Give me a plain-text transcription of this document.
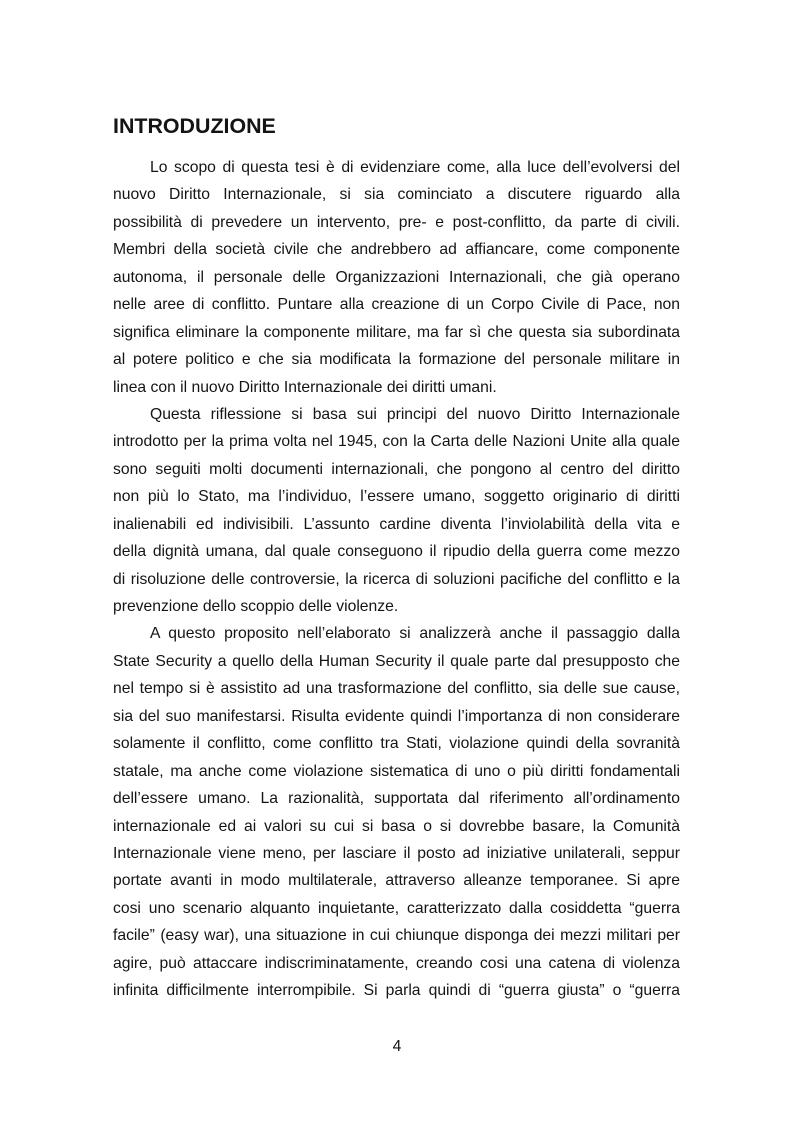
INTRODUZIONE
Lo scopo di questa tesi è di evidenziare come, alla luce dell’evolversi del
nuovo Diritto Internazionale, si sia cominciato a discutere riguardo alla
possibilità di prevedere un intervento, pre- e post-conflitto, da parte di civili.
Membri della società civile che andrebbero ad affiancare, come componente
autonoma, il personale delle Organizzazioni Internazionali, che già operano
nelle aree di conflitto. Puntare alla creazione di un Corpo Civile di Pace, non
significa eliminare la componente militare, ma far sì che questa sia subordinata
al potere politico e che sia modificata la formazione del personale militare in
linea con il nuovo Diritto Internazionale dei diritti umani.
Questa riflessione si basa sui principi del nuovo Diritto Internazionale
introdotto per la prima volta nel 1945, con la Carta delle Nazioni Unite alla quale
sono seguiti molti documenti internazionali, che pongono al centro del diritto
non più lo Stato, ma l’individuo, l’essere umano, soggetto originario di diritti
inalienabili ed indivisibili. L’assunto cardine diventa l’inviolabilità della vita e
della dignità umana, dal quale conseguono il ripudio della guerra come mezzo
di risoluzione delle controversie, la ricerca di soluzioni pacifiche del conflitto e la
prevenzione dello scoppio delle violenze.
A questo proposito nell’elaborato si analizzerà anche il passaggio dalla
State Security a quello della Human Security il quale parte dal presupposto che
nel tempo si è assistito ad una trasformazione del conflitto, sia delle sue cause,
sia del suo manifestarsi. Risulta evidente quindi l’importanza di non considerare
solamente il conflitto, come conflitto tra Stati, violazione quindi della sovranità
statale, ma anche come violazione sistematica di uno o più diritti fondamentali
dell’essere umano. La razionalità, supportata dal riferimento all’ordinamento
internazionale ed ai valori su cui si basa o si dovrebbe basare, la Comunità
Internazionale viene meno, per lasciare il posto ad iniziative unilaterali, seppur
portate avanti in modo multilaterale, attraverso alleanze temporanee. Si apre
cosi uno scenario alquanto inquietante, caratterizzato dalla cosiddetta “guerra
facile” (easy war), una situazione in cui chiunque disponga dei mezzi militari per
agire, può attaccare indiscriminatamente, creando cosi una catena di violenza
infinita difficilmente interrompibile. Si parla quindi di “guerra giusta” o “guerra
4
